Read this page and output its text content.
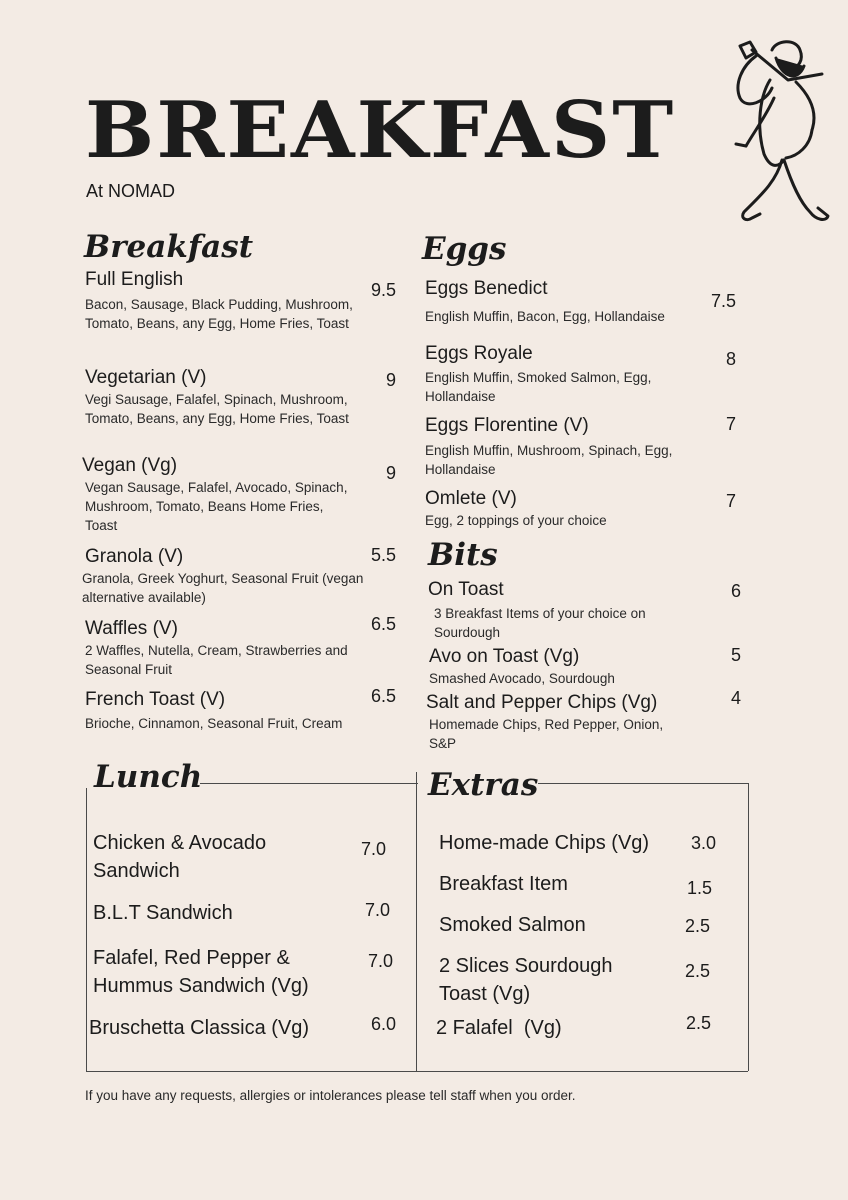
BREAKFAST
At NOMAD
Breakfast
Full English
Bacon, Sausage, Black Pudding, Mushroom, Tomato, Beans, any Egg, Home Fries, Toast
9.5
Vegetarian (V)
Vegi Sausage, Falafel, Spinach, Mushroom, Tomato, Beans, any Egg, Home Fries, Toast
9
Vegan (Vg)
Vegan Sausage, Falafel, Avocado, Spinach, Mushroom, Tomato, Beans Home Fries, Toast
9
Granola (V)
Granola, Greek Yoghurt, Seasonal Fruit (vegan alternative available)
5.5
Waffles (V)
2 Waffles, Nutella, Cream, Strawberries and Seasonal Fruit
6.5
French Toast (V)
Brioche, Cinnamon, Seasonal Fruit, Cream
6.5
Eggs
Eggs Benedict
English Muffin, Bacon, Egg, Hollandaise
7.5
Eggs Royale
English Muffin, Smoked Salmon, Egg, Hollandaise
8
Eggs Florentine (V)
English Muffin, Mushroom, Spinach, Egg, Hollandaise
7
Omlete (V)
Egg, 2 toppings of your choice
7
Bits
On Toast
3 Breakfast Items of your choice on Sourdough
6
Avo on Toast (Vg)
Smashed Avocado, Sourdough
5
Salt and Pepper Chips (Vg)
Homemade Chips, Red Pepper, Onion, S&P
4
Lunch	Extras
Chicken & Avocado Sandwich
7.0
B.L.T Sandwich	7.0
Falafel, Red Pepper & Hummus Sandwich (Vg)
7.0
Bruschetta Classica (Vg)	6.0
Home-made Chips (Vg)	3.0
Breakfast Item	1.5
Smoked Salmon	2.5
2 Slices Sourdough Toast (Vg)
2.5
2 Falafel  (Vg)	2.5
If you have any requests, allergies or intolerances please tell staff when you order.
